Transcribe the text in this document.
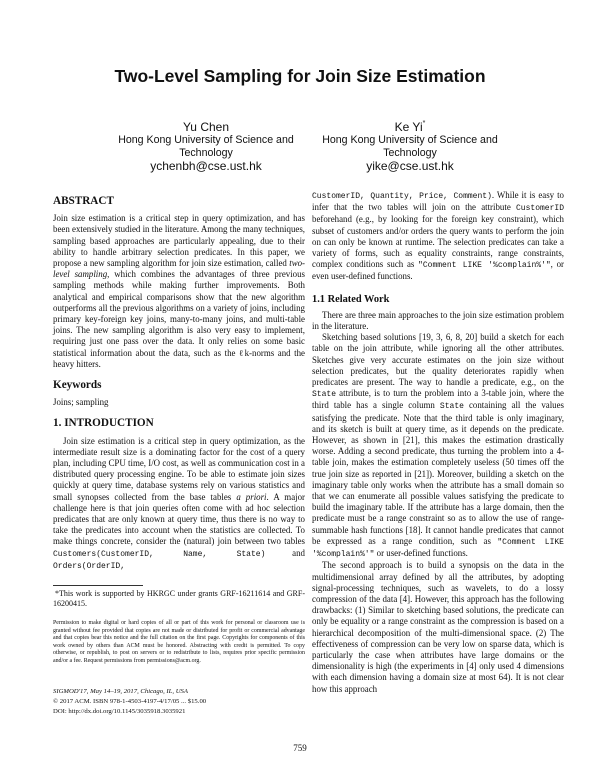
Two-Level Sampling for Join Size Estimation
Yu Chen
Hong Kong University of Science and
Technology
ychenbh@cse.ust.hk
Ke Yi*
Hong Kong University of Science and
Technology
yike@cse.ust.hk
ABSTRACT

Join size estimation is a critical step in query optimization, and has been extensively studied in the literature. Among the many techniques, sampling based approaches are particularly appealing, due to their ability to handle arbitrary selection predicates. In this paper, we propose a new sampling algorithm for join size estimation, called two-level sampling, which combines the advantages of three previous sampling methods while making further improvements. Both analytical and empirical comparisons show that the new algorithm outperforms all the previous algorithms on a variety of joins, including primary key-foreign key joins, many-to-many joins, and multi-table joins. The new sampling algorithm is also very easy to implement, requiring just one pass over the data. It only relies on some basic statistical information about the data, such as the ℓk-norms and the heavy hitters.

Keywords

Joins; sampling

1. INTRODUCTION

Join size estimation is a critical step in query optimization, as the intermediate result size is a dominating factor for the cost of a query plan, including CPU time, I/O cost, as well as communication cost in a distributed query processing engine. To be able to estimate join sizes quickly at query time, database systems rely on various statistics and small synopses collected from the base tables a priori. A major challenge here is that join queries often come with ad hoc selection predicates that are only known at query time, thus there is no way to take the predicates into account when the statistics are collected. To make things concrete, consider the (natural) join between two tables Customers(CustomerID, Name, State) and Orders(OrderID,

*This work is supported by HKRGC under grants GRF-16211614 and GRF-16200415.

Permission to make digital or hard copies of all or part of this work for personal or classroom use is granted without fee provided that copies are not made or distributed for profit or commercial advantage and that copies bear this notice and the full citation on the first page. Copyrights for components of this work owned by others than ACM must be honored. Abstracting with credit is permitted. To copy otherwise, or republish, to post on servers or to redistribute to lists, requires prior specific permission and/or a fee. Request permissions from permissions@acm.org.

SIGMOD'17, May 14–19, 2017, Chicago, IL, USA
© 2017 ACM. ISBN 978-1-4503-4197-4/17/05 ... $15.00
DOI: http://dx.doi.org/10.1145/3035918.3035921

CustomerID, Quantity, Price, Comment). While it is easy to infer that the two tables will join on the attribute CustomerID beforehand (e.g., by looking for the foreign key constraint), which subset of customers and/or orders the query wants to perform the join on can only be known at runtime. The selection predicates can take a variety of forms, such as equality constraints, range constraints, complex conditions such as "Comment LIKE '%complain%'", or even user-defined functions.

1.1 Related Work

There are three main approaches to the join size estimation problem in the literature.

Sketching based solutions [19, 3, 6, 8, 20] build a sketch for each table on the join attribute, while ignoring all the other attributes. Sketches give very accurate estimates on the join size without selection predicates, but the quality deteriorates rapidly when predicates are present. The way to handle a predicate, e.g., on the State attribute, is to turn the problem into a 3-table join, where the third table has a single column State containing all the values satisfying the predicate. Note that the third table is only imaginary, and its sketch is built at query time, as it depends on the predicate. However, as shown in [21], this makes the estimation drastically worse. Adding a second predicate, thus turning the problem into a 4-table join, makes the estimation completely useless (50 times off the true join size as reported in [21]). Moreover, building a sketch on the imaginary table only works when the attribute has a small domain so that we can enumerate all possible values satisfying the predicate to build the imaginary table. If the attribute has a large domain, then the predicate must be a range constraint so as to allow the use of range-summable hash functions [18]. It cannot handle predicates that cannot be expressed as a range condition, such as "Comment LIKE '%complain%'" or user-defined functions.

The second approach is to build a synopsis on the data in the multidimensional array defined by all the attributes, by adopting signal-processing techniques, such as wavelets, to do a lossy compression of the data [4]. However, this approach has the following drawbacks: (1) Similar to sketching based solutions, the predicate can only be equality or a range constraint as the compression is based on a hierarchical decomposition of the multi-dimensional space. (2) The effectiveness of compression can be very low on sparse data, which is particularly the case when attributes have large domains or the dimensionality is high (the experiments in [4] only used 4 dimensions with each dimension having a domain size at most 64). It is not clear how this approach

759
